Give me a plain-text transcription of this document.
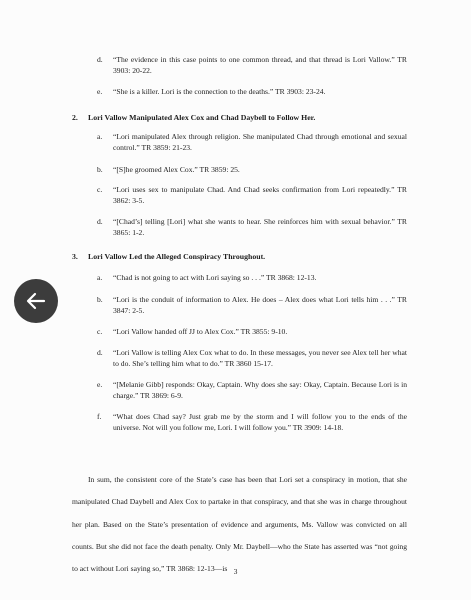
d. “The evidence in this case points to one common thread, and that thread is Lori Vallow.” TR 3903: 20-22.
e. “She is a killer. Lori is the connection to the deaths.” TR 3903: 23-24.
2. Lori Vallow Manipulated Alex Cox and Chad Daybell to Follow Her.
a. “Lori manipulated Alex through religion. She manipulated Chad through emotional and sexual control.” TR 3859: 21-23.
b. “[S]he groomed Alex Cox.” TR 3859: 25.
c. “Lori uses sex to manipulate Chad. And Chad seeks confirmation from Lori repeatedly.” TR 3862: 3-5.
d. “[Chad’s] telling [Lori] what she wants to hear. She reinforces him with sexual behavior.” TR 3865: 1-2.
3. Lori Vallow Led the Alleged Conspiracy Throughout.
a. “Chad is not going to act with Lori saying so . . .” TR 3868: 12-13.
b. “Lori is the conduit of information to Alex. He does – Alex does what Lori tells him . . .” TR 3847: 2-5.
c. “Lori Vallow handed off JJ to Alex Cox.” TR 3855: 9-10.
d. “Lori Vallow is telling Alex Cox what to do. In these messages, you never see Alex tell her what to do. She’s telling him what to do.” TR 3860 15-17.
e. “[Melanie Gibb] responds: Okay, Captain. Why does she say: Okay, Captain. Because Lori is in charge.” TR 3869: 6-9.
f. “What does Chad say? Just grab me by the storm and I will follow you to the ends of the universe. Not will you follow me, Lori. I will follow you.” TR 3909: 14-18.
In sum, the consistent core of the State’s case has been that Lori set a conspiracy in motion, that she manipulated Chad Daybell and Alex Cox to partake in that conspiracy, and that she was in charge throughout her plan. Based on the State’s presentation of evidence and arguments, Ms. Vallow was convicted on all counts. But she did not face the death penalty. Only Mr. Daybell—who the State has asserted was “not going to act without Lori saying so,” TR 3868: 12-13—is 3
